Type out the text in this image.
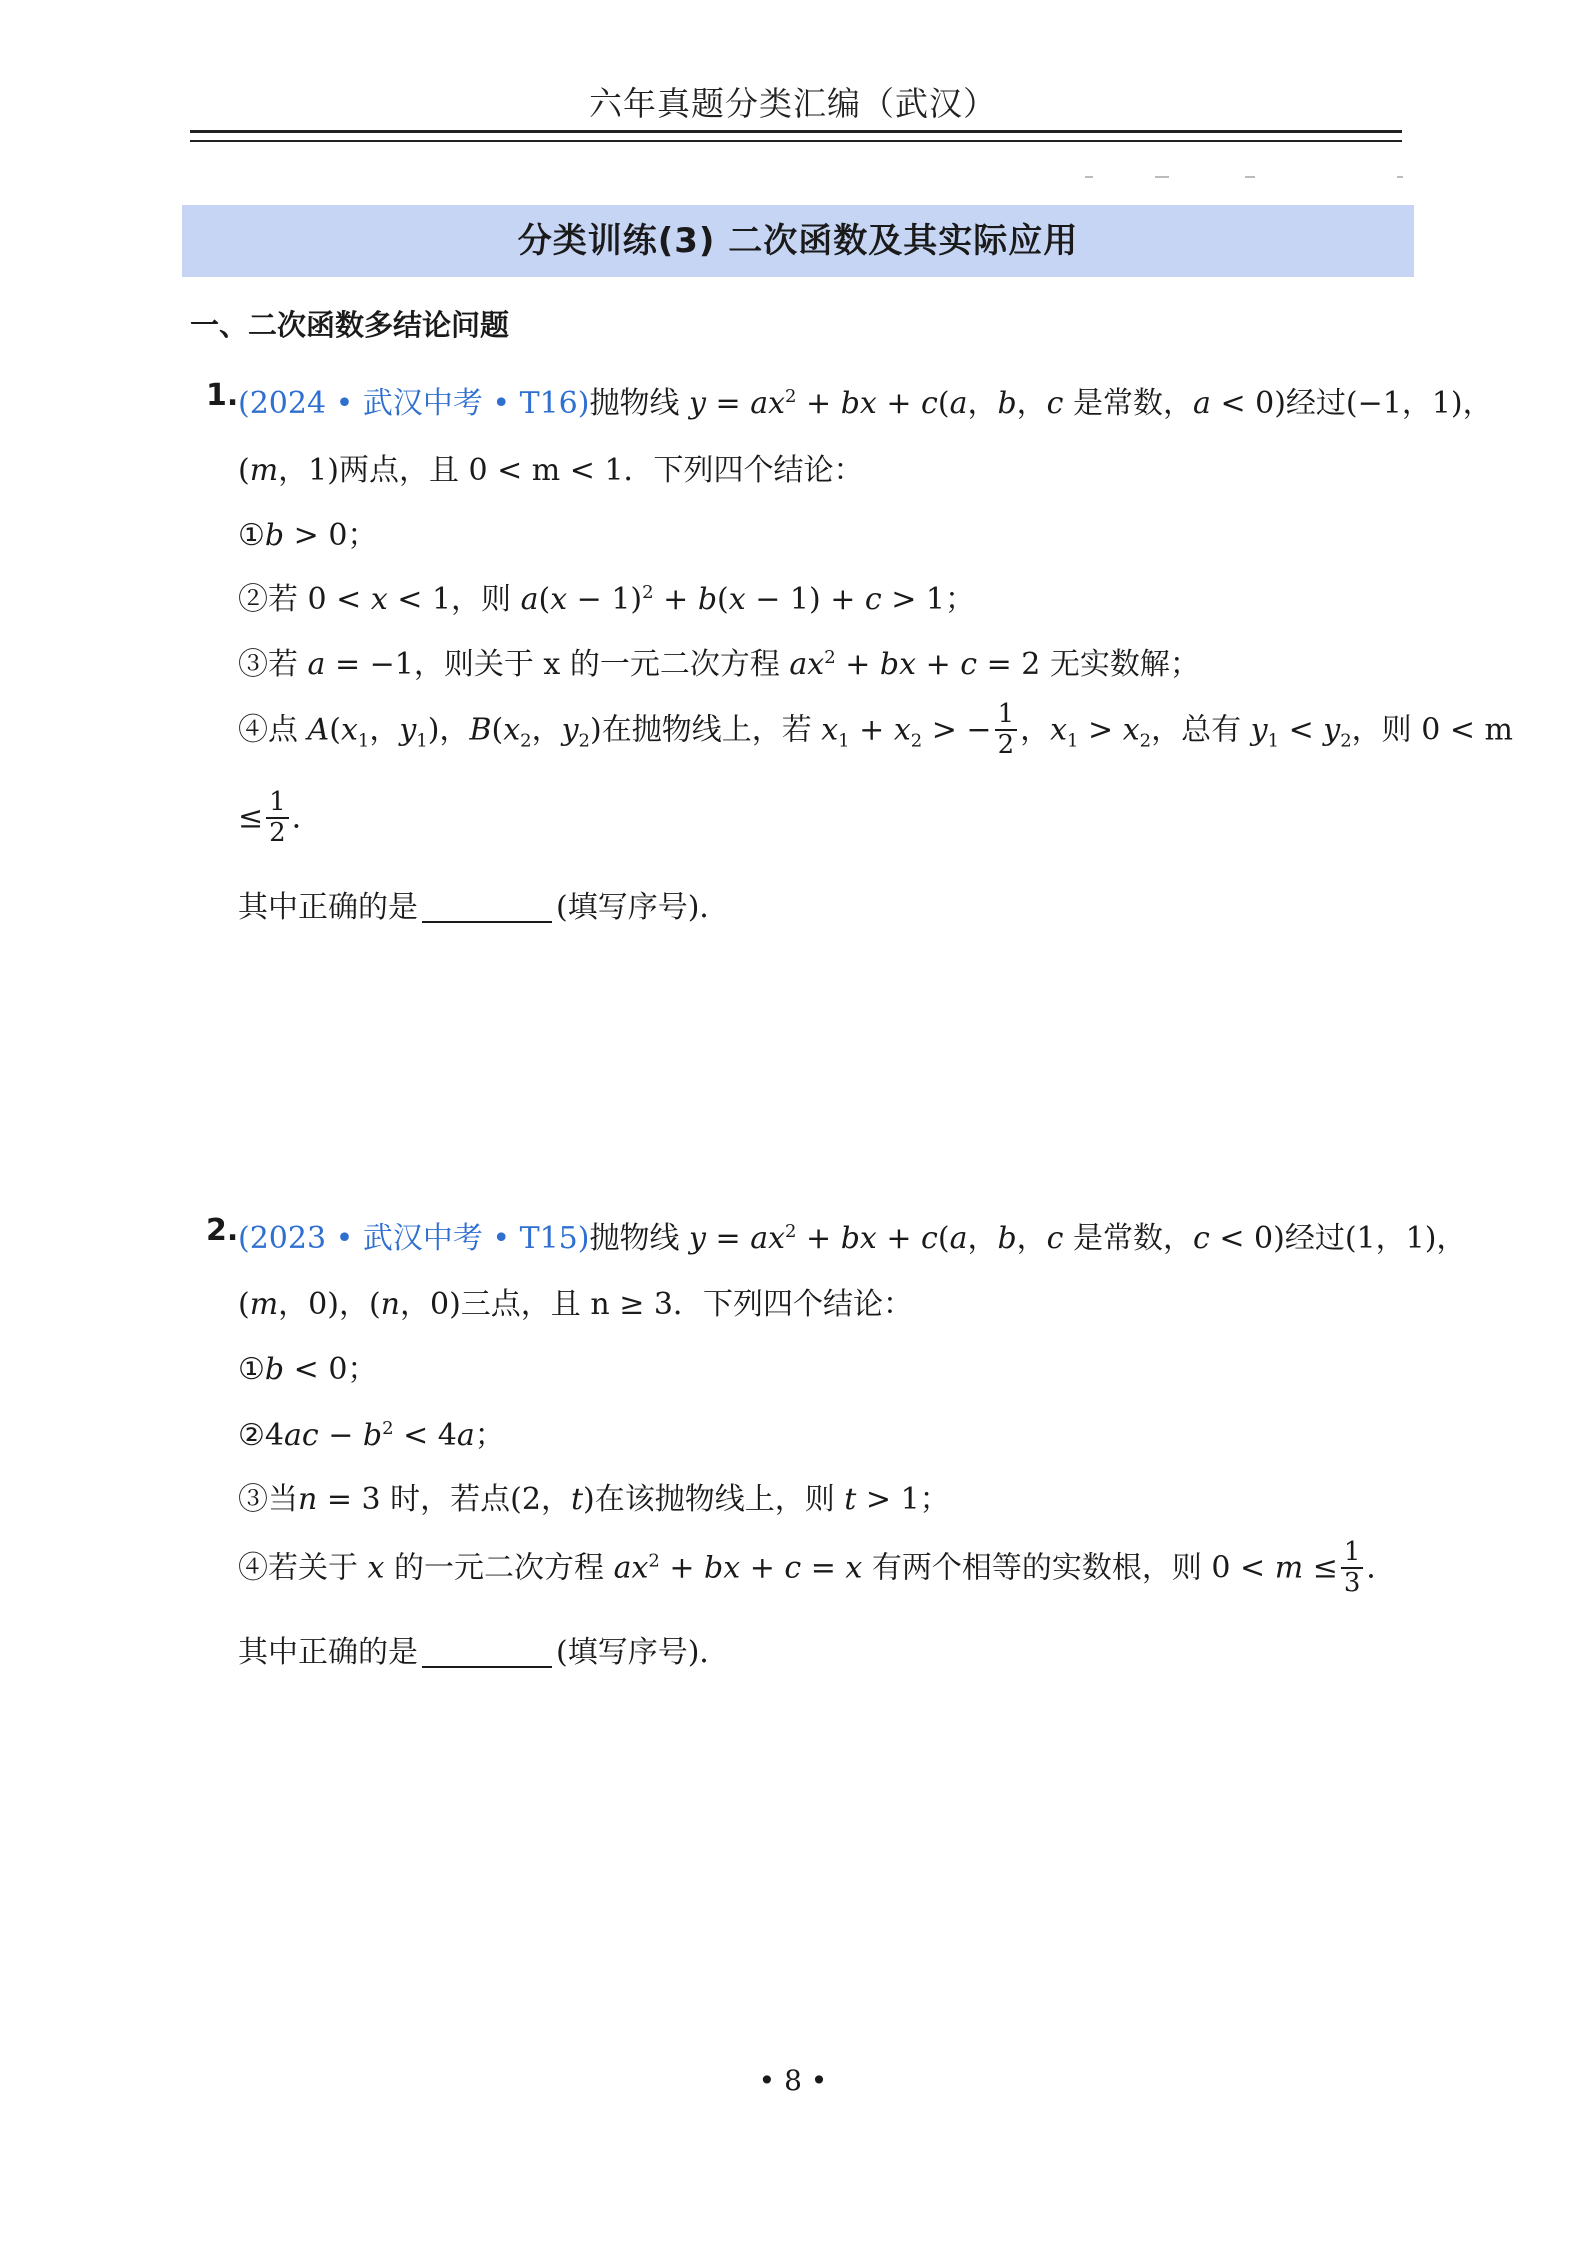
六年真题分类汇编（武汉）
分类训练(3) 二次函数及其实际应用
一、二次函数多结论问题
1. (2024 • 武汉中考 • T16)抛物线 $y = ax^2$ + bx + c(a，b，c 是常数，a < 0)经过(−1，1)，
(m，1)两点，且 0 < m < 1．下列四个结论：
①b > 0；
②若 0 < x < 1，则 $a(x - 1)^2 + b(x - 1) + c > 1$；
③若 a = −1，则关于 x 的一元二次方程 $ax^2$ + bx + c = 2 无实数解；
④点 $A(x_1$，$y_1$)，$B(x_2$，$y_2$)在抛物线上，若 $x_1 + x_2$ > − $\frac{1}{2}$ ，$x_1 > x_2$，总有 $y_1 < y_2$，则 0 < m
≤ $\frac{1}{2}$ ．
其中正确的是	(填写序号)．
2. (2023 • 武汉中考 • T15)抛物线 $y = ax^2$ + bx + c(a，b，c 是常数，c < 0)经过(1，1)，
(m，0)，(n，0)三点，且 n ≥ 3．下列四个结论：
①b < 0；
②4ac − $b^2 < 4a$；
③当n = 3 时，若点(2，t)在该抛物线上，则 t > 1；
④若关于 x 的一元二次方程 $ax^2$ + bx + c = x 有两个相等的实数根，则 $0 < m \le \frac{1}{3}$ ．
其中正确的是	(填写序号)．
• 8 •
